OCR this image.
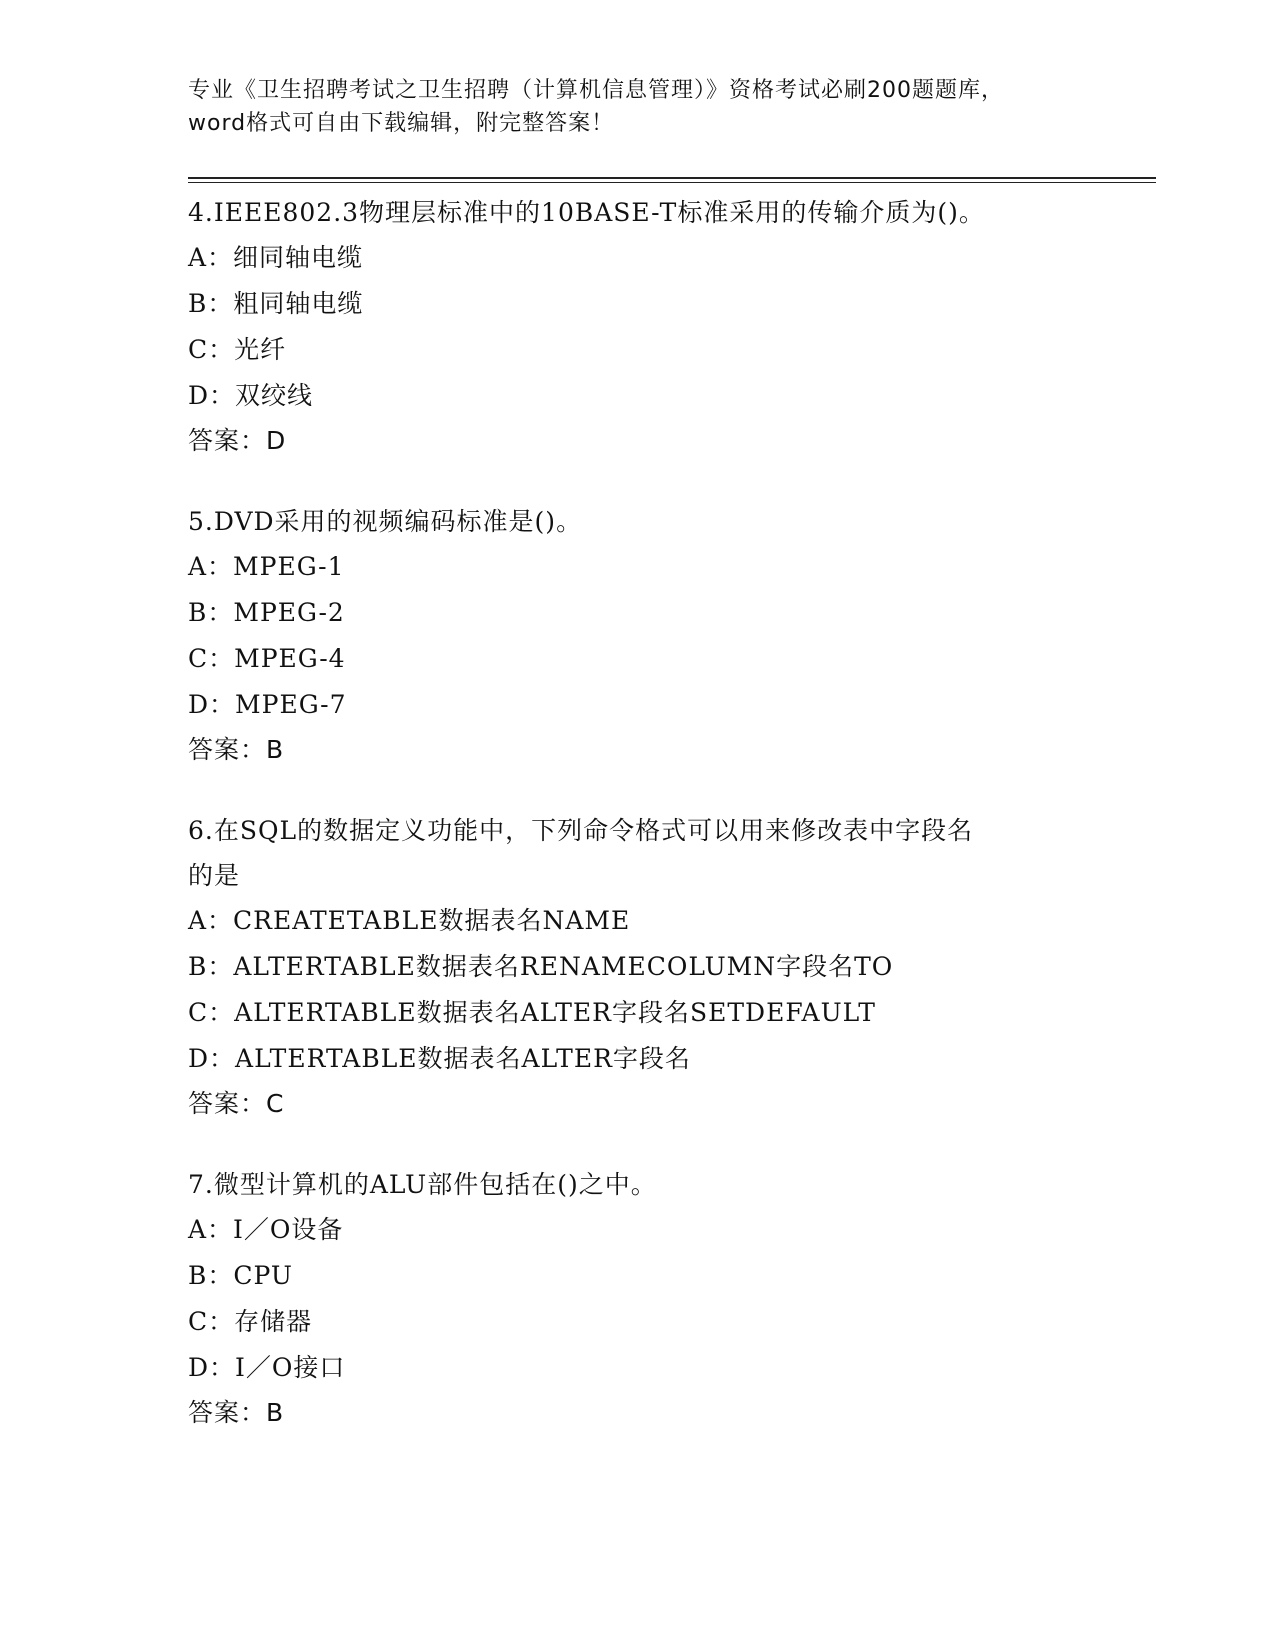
专业《卫生招聘考试之卫生招聘（计算机信息管理）》资格考试必刷200题题库，
word格式可自由下载编辑，附完整答案！
4.IEEE802.3物理层标准中的10BASE-T标准采用的传输介质为()。
A：细同轴电缆
B：粗同轴电缆
C：光纤
D：双绞线
答案：D
5.DVD采用的视频编码标准是()。
A：MPEG-1
B：MPEG-2
C：MPEG-4
D：MPEG-7
答案：B
6.在SQL的数据定义功能中，下列命令格式可以用来修改表中字段名
的是
A：CREATETABLE数据表名NAME
B：ALTERTABLE数据表名RENAMECOLUMN字段名TO
C：ALTERTABLE数据表名ALTER字段名SETDEFAULT
D：ALTERTABLE数据表名ALTER字段名
答案：C
7.微型计算机的ALU部件包括在()之中。
A：I／O设备
B：CPU
C：存储器
D：I／O接口
答案：B
